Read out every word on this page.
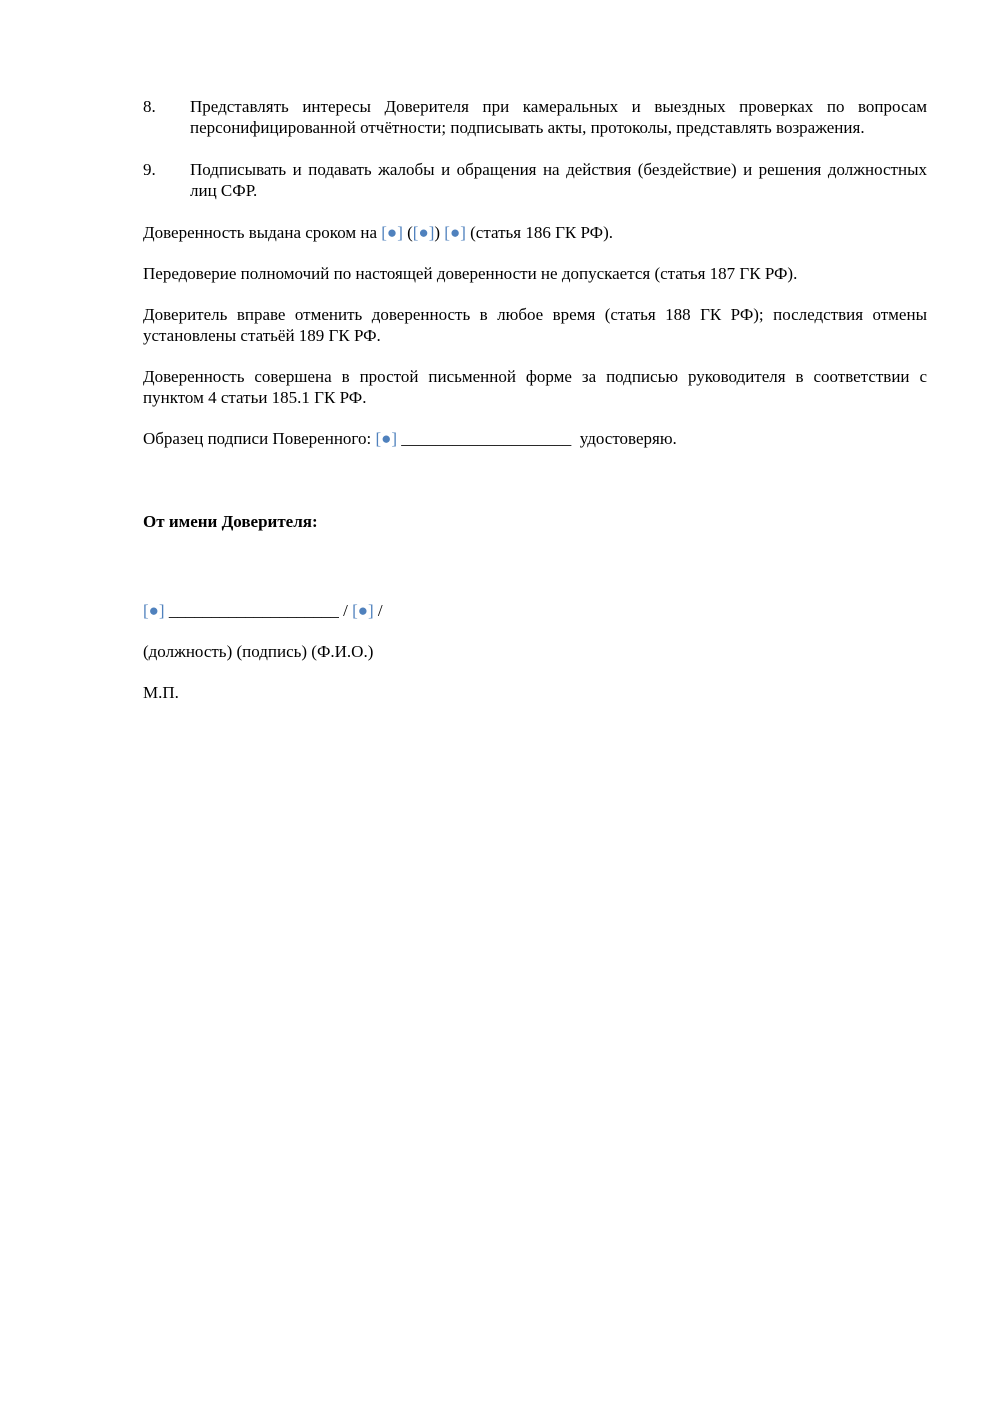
8.	Представлять интересы Доверителя при камеральных и выездных проверках по вопросам персонифицированной отчётности; подписывать акты, протоколы, представлять возражения.
9.	Подписывать и подавать жалобы и обращения на действия (бездействие) и решения должностных лиц СФР.

Доверенность выдана сроком на [●] ([●]) [●] (статья 186 ГК РФ).

Передоверие полномочий по настоящей доверенности не допускается (статья 187 ГК РФ).

Доверитель вправе отменить доверенность в любое время (статья 188 ГК РФ); последствия отмены установлены статьёй 189 ГК РФ.

Доверенность совершена в простой письменной форме за подписью руководителя в соответствии с пунктом 4 статьи 185.1 ГК РФ.

Образец подписи Поверенного: [●] ____________________  удостоверяю.

От имени Доверителя:

[●] ____________________ / [●] /

(должность) (подпись) (Ф.И.О.)

М.П.
